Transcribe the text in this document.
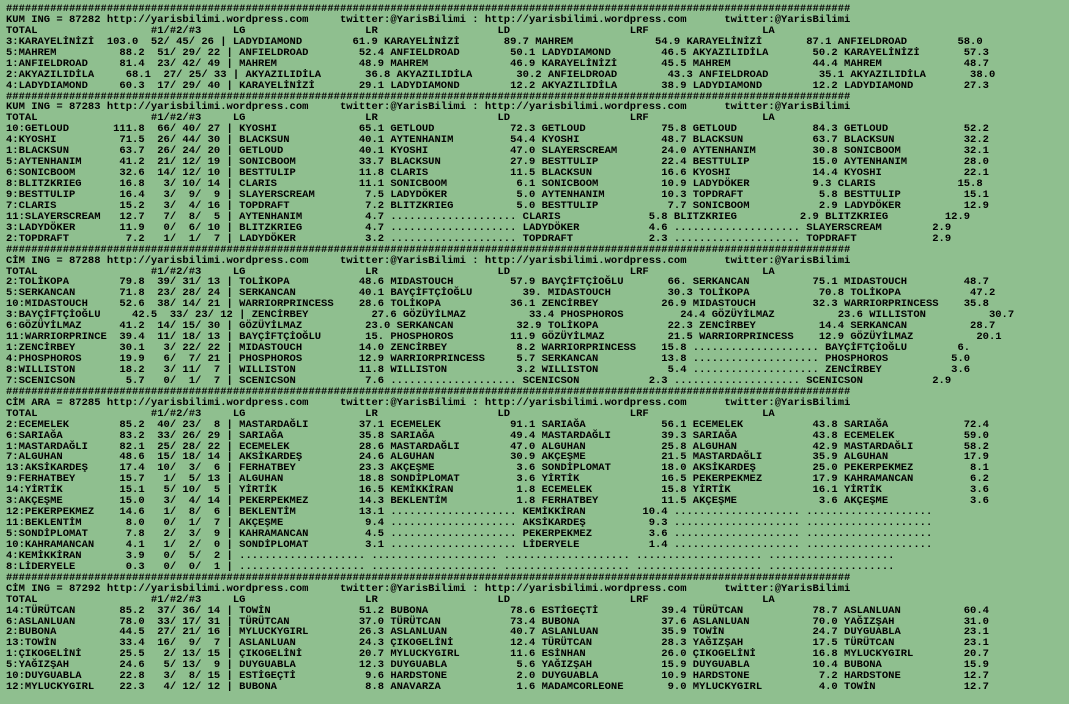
######################################################################################################################################
KUM ING = 87282 http://yarisbilimi.wordpress.com     twitter:@YarisBilimi : http://yarisbilimi.wordpress.com      twitter:@YarisBilimi
TOTAL                  #1/#2/#3     LG                   LR                   LD                   LRF                  LA
3:KARAYELİNİZİ  103.0  52/ 45/ 26 | LADYDIAMOND        61.9 KARAYELİNİZİ       89.7 MAHREM             54.9 KARAYELİNİZİ       87.1 ANFIELDROAD        58.0
5:MAHREM          88.2  51/ 29/ 22 | ANFIELDROAD        52.4 ANFIELDROAD        50.1 LADYDIAMOND        46.5 AKYAZILIDİLA       50.2 KARAYELİNİZİ       57.3
1:ANFIELDROAD     81.4  23/ 42/ 49 | MAHREM             48.9 MAHREM             46.9 KARAYELİNİZİ       45.5 MAHREM             44.4 MAHREM             48.7
2:AKYAZILIDİLA     68.1  27/ 25/ 33 | AKYAZILIDİLA       36.8 AKYAZILIDİLA       30.2 ANFIELDROAD        43.3 ANFIELDROAD        35.1 AKYAZILIDİLA       38.0
4:LADYDIAMOND     60.3  17/ 29/ 40 | KARAYELİNİZİ       29.1 LADYDIAMOND        12.2 AKYAZILIDİLA       38.9 LADYDIAMOND        12.2 LADYDIAMOND        27.3
######################################################################################################################################
KUM ING = 87283 http://yarisbilimi.wordpress.com     twitter:@YarisBilimi : http://yarisbilimi.wordpress.com      twitter:@YarisBilimi
TOTAL                  #1/#2/#3     LG                   LR                   LD                   LRF                  LA
10:GETLOUD       111.8  66/ 40/ 27 | KYOSHI             65.1 GETLOUD            72.3 GETLOUD            75.8 GETLOUD            84.3 GETLOUD            52.2
4:KYOSHI          71.5  26/ 44/ 30 | BLACKSUN           40.1 AYTENHANIM         54.4 KYOSHI             48.7 BLACKSUN           63.7 BLACKSUN           32.2
1:BLACKSUN        63.7  26/ 24/ 20 | GETLOUD            40.1 KYOSHI             47.0 SLAYERSCREAM       24.0 AYTENHANIM         30.8 SONICBOOM          32.1
5:AYTENHANIM      41.2  21/ 12/ 19 | SONICBOOM          33.7 BLACKSUN           27.9 BESTTULIP          22.4 BESTTULIP          15.0 AYTENHANIM         28.0
6:SONICBOOM       32.6  14/ 12/ 10 | BESTTULIP          11.8 CLARIS             11.5 BLACKSUN           16.6 KYOSHI             14.4 KYOSHI             22.1
8:BLITZKRIEG      16.8   3/ 10/ 14 | CLARIS             11.1 SONICBOOM           6.1 SONICBOOM          10.9 LADYDÖKER          9.3 CLARIS             15.8
9:BESTTULIP       16.4   3/  9/  9 | SLAYERSCREAM        7.5 LADYDÖKER           5.0 AYTENHANIM         10.3 TOPDRAFT            5.8 BESTTULIP          15.1
7:CLARIS          15.2   3/  4/ 16 | TOPDRAFT            7.2 BLITZKRIEG          5.0 BESTTULIP           7.7 SONICBOOM           2.9 LADYDÖKER          12.9
11:SLAYERSCREAM   12.7   7/  8/  5 | AYTENHANIM          4.7 .................... CLARIS              5.8 BLITZKRIEG          2.9 BLITZKRIEG         12.9
3:LADYDÖKER       11.9   0/  6/ 10 | BLITZKRIEG          4.7 .................... LADYDÖKER           4.6 .................... SLAYERSCREAM        2.9
2:TOPDRAFT         7.2   1/  1/  7 | LADYDÖKER           3.2 .................... TOPDRAFT            2.3 .................... TOPDRAFT            2.9
######################################################################################################################################
CİM ING = 87288 http://yarisbilimi.wordpress.com     twitter:@YarisBilimi : http://yarisbilimi.wordpress.com      twitter:@YarisBilimi
TOTAL                  #1/#2/#3     LG                   LR                   LD                   LRF                  LA
2:TOLİKOPA        79.8  39/ 31/ 13 | TOLİKOPA           48.6 MIDASTOUCH         57.9 BAYÇİFTÇİOĞLU       66. SERKANCAN          75.1 MIDASTOUCH         48.7
5:SERKANCAN       71.8  23/ 28/ 24 | SERKANCAN          40.1 BAYÇİFTÇİOĞLU        39. MIDASTOUCH         30.3 TOLİKOPA           70.8 TOLİKOPA           47.2
10:MIDASTOUCH     52.6  38/ 14/ 21 | WARRIORPRINCESS    28.6 TOLİKOPA           36.1 ZENCİRBEY          26.9 MIDASTOUCH         32.3 WARRIORPRINCESS    35.8
3:BAYÇİFTÇİOĞLU     42.5  33/ 23/ 12 | ZENCİRBEY          27.6 GÖZÜYİLMAZ          33.4 PHOSPHOROS         24.4 GÖZÜYİLMAZ          23.6 WILLISTON          30.7
6:GÖZÜYİLMAZ      41.2  14/ 15/ 30 | GÖZÜYİLMAZ          23.0 SERKANCAN          32.9 TOLİKOPA           22.3 ZENCİRBEY          14.4 SERKANCAN          28.7
11:WARRIORPRINCE  39.4  11/ 18/ 13 | BAYÇİFTÇİOĞLU       15. PHOSPHOROS         11.9 GÖZÜYİLMAZ          21.5 WARRIORPRINCESS    12.9 GÖZÜYİLMAZ          20.1
1:ZENCİRBEY       30.1   3/ 22/ 22 | MIDASTOUCH         14.0 ZENCİRBEY           8.2 WARRIORPRINCESS    15.8 .................... BAYÇİFTÇİOĞLU        6.
4:PHOSPHOROS      19.9   6/  7/ 21 | PHOSPHOROS         12.9 WARRIORPRINCESS     5.7 SERKANCAN          13.8 .................... PHOSPHOROS          5.0
8:WILLISTON       18.2   3/ 11/  7 | WILLISTON          11.8 WILLISTON           3.2 WILLISTON           5.4 .................... ZENCİRBEY           3.6
7:SCENICSON        5.7   0/  1/  7 | SCENICSON           7.6 .................... SCENICSON           2.3 .................... SCENICSON           2.9
######################################################################################################################################
CİM ARA = 87285 http://yarisbilimi.wordpress.com     twitter:@YarisBilimi : http://yarisbilimi.wordpress.com      twitter:@YarisBilimi
TOTAL                  #1/#2/#3     LG                   LR                   LD                   LRF                  LA
2:ECEMELEK        85.2  40/ 23/  8 | MASTARDAĞLI        37.1 ECEMELEK           91.1 SARIAĞA            56.1 ECEMELEK           43.8 SARIAĞA            72.4
6:SARIAĞA         83.2  33/ 26/ 29 | SARIAĞA            35.8 SARIAĞA            49.4 MASTARDAĞLI        39.3 SARIAĞA            43.8 ECEMELEK           59.0
1:MASTARDAĞLI     82.1  25/ 28/ 22 | ECEMELEK           28.6 MASTARDAĞLI        47.0 ALGUHAN            25.8 ALGUHAN            42.9 MASTARDAĞLI        58.2
7:ALGUHAN         48.6  15/ 18/ 14 | AKSİKARDEŞ         24.6 ALGUHAN            30.9 AKÇEŞME            21.5 MASTARDAĞLI        35.9 ALGUHAN            17.9
13:AKSİKARDEŞ     17.4  10/  3/  6 | FERHATBEY          23.3 AKÇEŞME             3.6 SONDİPLOMAT        18.0 AKSİKARDEŞ         25.0 PEKERPEKMEZ         8.1
9:FERHATBEY       15.7   1/  5/ 13 | ALGUHAN            18.8 SONDİPLOMAT         3.6 YİRTİK             16.5 PEKERPEKMEZ        17.9 KAHRAMANCAN         6.2
14:YİRTİK         15.1   5/ 10/  5 | YİRTİK             16.5 KEMİKKİRAN          1.8 ECEMELEK           15.8 YİRTİK             16.1 YİRTİK              3.6
3:AKÇEŞME         15.0   3/  4/ 14 | PEKERPEKMEZ        14.3 BEKLENTİM           1.8 FERHATBEY          11.5 AKÇEŞME             3.6 AKÇEŞME             3.6
12:PEKERPEKMEZ    14.6   1/  8/  6 | BEKLENTİM          13.1 .................... KEMİKKİRAN         10.4 .................... ....................
11:BEKLENTİM       8.0   0/  1/  7 | AKÇEŞME             9.4 .................... AKSİKARDEŞ          9.3 .................... ....................
5:SONDİPLOMAT      7.8   2/  3/  9 | KAHRAMANCAN         4.5 .................... PEKERPEKMEZ         3.6 .................... ....................
10:KAHRAMANCAN     4.1   1/  2/  0 | SONDİPLOMAT         3.1 .................... LİDERYELE           1.4 .................... ....................
4:KEMİKKİRAN       3.9   0/  5/  2 | .................... .................... .................... .................... ....................
8:LİDERYELE        0.3   0/  0/  1 | .................... .................... .................... .................... ....................
######################################################################################################################################
CİM ING = 87292 http://yarisbilimi.wordpress.com     twitter:@YarisBilimi : http://yarisbilimi.wordpress.com      twitter:@YarisBilimi
TOTAL                  #1/#2/#3     LG                   LR                   LD                   LRF                  LA
14:TÜRÜTCAN       85.2  37/ 36/ 14 | TOWİN              51.2 BUBONA             78.6 ESTİGEÇTİ          39.4 TÜRÜTCAN           78.7 ASLANLUAN          60.4
6:ASLANLUAN       78.0  33/ 17/ 31 | TÜRÜTCAN           37.0 TÜRÜTCAN           73.4 BUBONA             37.6 ASLANLUAN          70.0 YAĞIZŞAH           31.0
2:BUBONA          44.5  27/ 21/ 16 | MYLUCKYGIRL        26.3 ASLANLUAN          40.7 ASLANLUAN          35.9 TOWİN              24.7 DUYGUABLA          23.1
13:TOWİN          33.4  16/  9/  7 | ASLANLUAN          24.3 ÇIKOGELİNİ         12.4 TÜRÜTCAN           28.3 YAĞIZŞAH           17.5 TÜRÜTCAN           23.1
1:ÇIKOGELİNİ      25.5   2/ 13/ 15 | ÇIKOGELİNİ         20.7 MYLUCKYGIRL        11.6 ESİNHAN            26.0 ÇIKOGELİNİ         16.8 MYLUCKYGIRL        20.7
5:YAĞIZŞAH        24.6   5/ 13/  9 | DUYGUABLA          12.3 DUYGUABLA           5.6 YAĞIZŞAH           15.9 DUYGUABLA          10.4 BUBONA             15.9
10:DUYGUABLA      22.8   3/  8/ 15 | ESTİGEÇTİ           9.6 HARDSTONE           2.0 DUYGUABLA          10.9 HARDSTONE           7.2 HARDSTONE          12.7
12:MYLUCKYGIRL    22.3   4/ 12/ 12 | BUBONA              8.8 ANAVARZA            1.6 MADAMCORLEONE       9.0 MYLUCKYGIRL         4.0 TOWİN              12.7
